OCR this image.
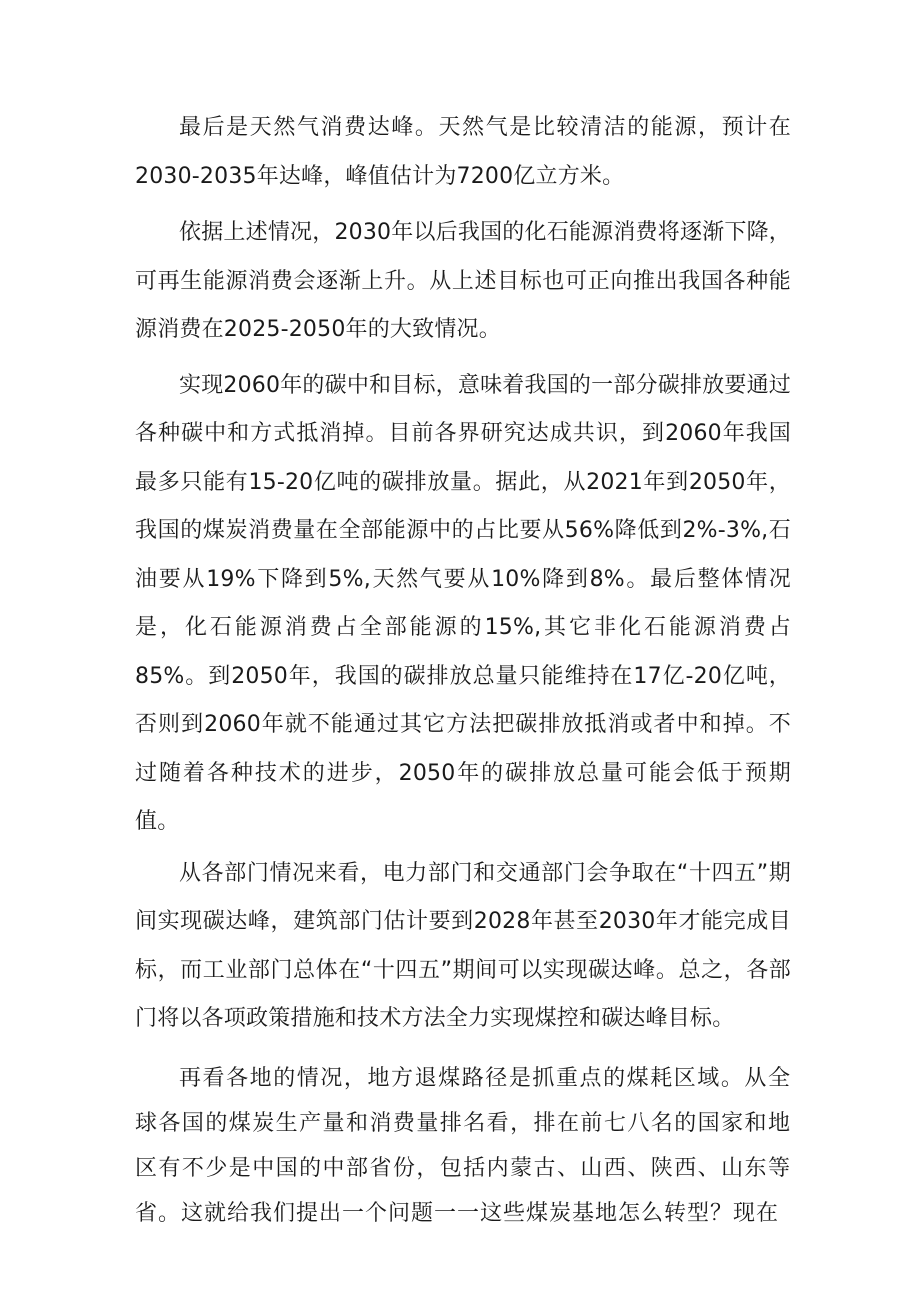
最后是天然气消费达峰。天然气是比较清洁的能源，预计在2030-2035年达峰，峰值估计为7200亿立方米。

依据上述情况，2030年以后我国的化石能源消费将逐渐下降，可再生能源消费会逐渐上升。从上述目标也可正向推出我国各种能源消费在2025-2050年的大致情况。

实现2060年的碳中和目标，意味着我国的一部分碳排放要通过各种碳中和方式抵消掉。目前各界研究达成共识，到2060年我国最多只能有15-20亿吨的碳排放量。据此，从2021年到2050年，我国的煤炭消费量在全部能源中的占比要从56%降低到2%-3%,石油要从19%下降到5%,天然气要从10%降到8%。最后整体情况是，化石能源消费占全部能源的15%,其它非化石能源消费占85%。到2050年，我国的碳排放总量只能维持在17亿-20亿吨，否则到2060年就不能通过其它方法把碳排放抵消或者中和掉。不过随着各种技术的进步，2050年的碳排放总量可能会低于预期值。

从各部门情况来看，电力部门和交通部门会争取在“十四五”期间实现碳达峰，建筑部门估计要到2028年甚至2030年才能完成目标，而工业部门总体在“十四五”期间可以实现碳达峰。总之，各部门将以各项政策措施和技术方法全力实现煤控和碳达峰目标。

再看各地的情况，地方退煤路径是抓重点的煤耗区域。从全球各国的煤炭生产量和消费量排名看，排在前七八名的国家和地区有不少是中国的中部省份，包括内蒙古、山西、陕西、山东等省。这就给我们提出一个问题一一这些煤炭基地怎么转型？现在
